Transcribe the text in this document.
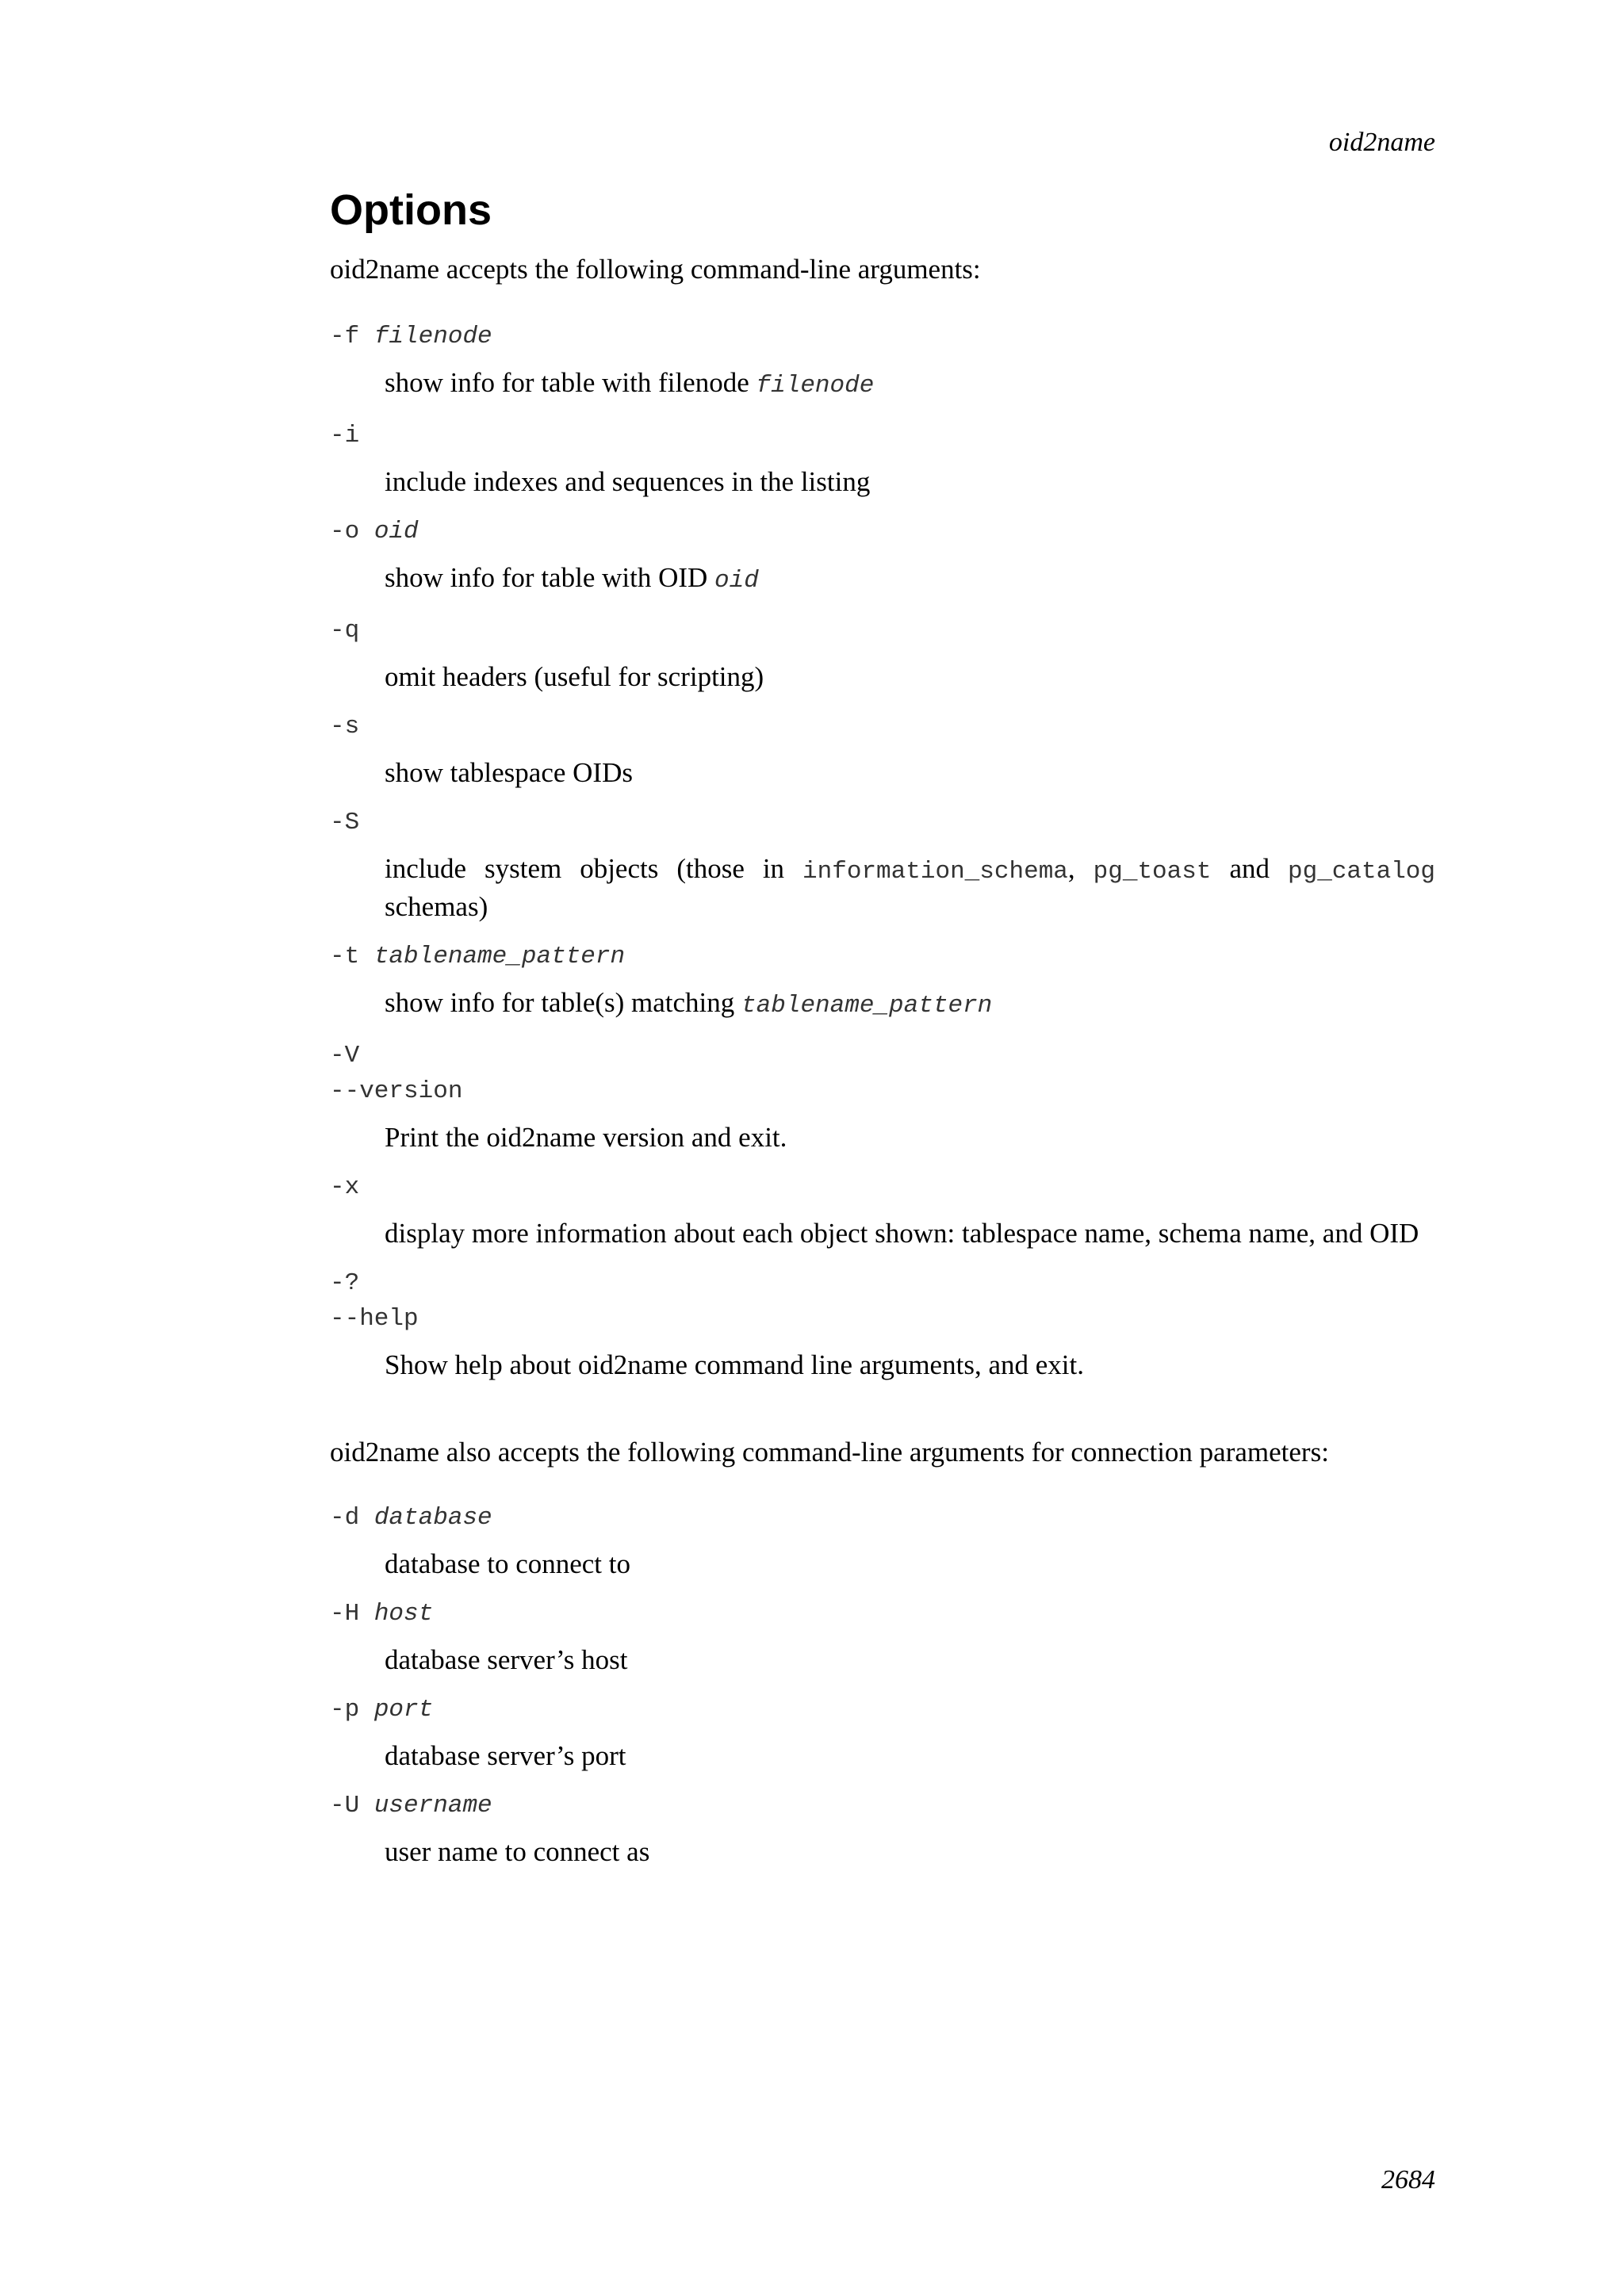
oid2name
Options

oid2name accepts the following command-line arguments:

-f filenode
show info for table with filenode filenode
-i
include indexes and sequences in the listing
-o oid
show info for table with OID oid
-q
omit headers (useful for scripting)
-s
show tablespace OIDs
-S
include system objects (those in information_schema, pg_toast and pg_catalog schemas)
-t tablename_pattern
show info for table(s) matching tablename_pattern
-V
--version
Print the oid2name version and exit.
-x
display more information about each object shown: tablespace name, schema name, and OID
-?
--help
Show help about oid2name command line arguments, and exit.

oid2name also accepts the following command-line arguments for connection parameters:

-d database
database to connect to
-H host
database server’s host
-p port
database server’s port
-U username
user name to connect as
2684
